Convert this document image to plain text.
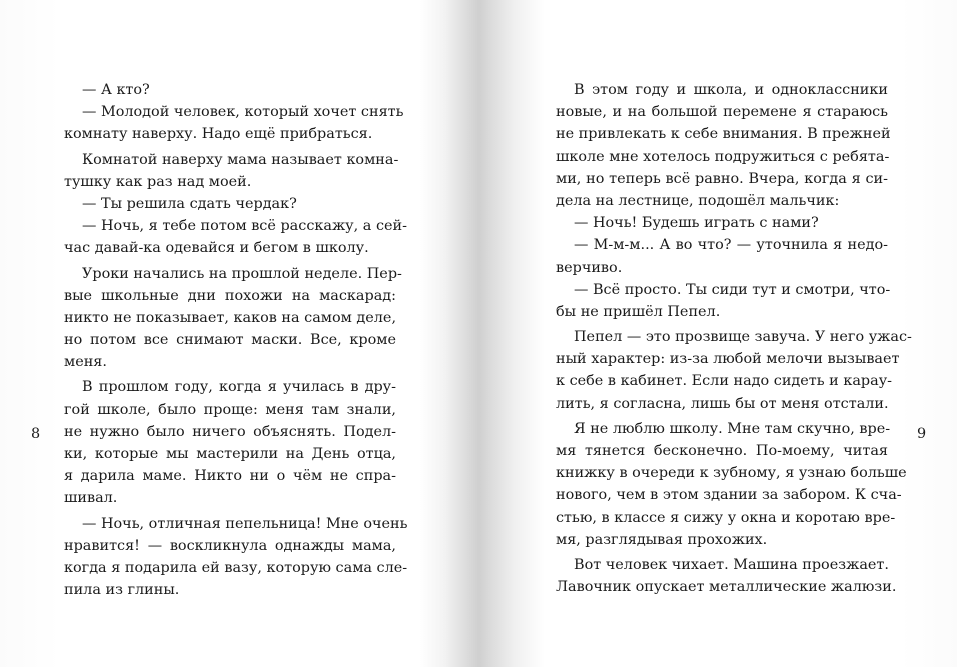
— А кто?
— Молодой человек, который хочет снять
комнату наверху. Надо ещё прибраться.
Комнатой наверху мама называет комна-
тушку как раз над моей.
— Ты решила сдать чердак?
— Ночь, я тебе потом всё расскажу, а сей-
час давай-ка одевайся и бегом в школу.
Уроки начались на прошлой неделе. Пер-
вые школьные дни похожи на маскарад:
никто не показывает, каков на самом деле,
но потом все снимают маски. Все, кроме
меня.
В прошлом году, когда я училась в дру-
гой школе, было проще: меня там знали,
не нужно было ничего объяснять. Подел-
ки, которые мы мастерили на День отца,
я дарила маме. Никто ни о чём не спра-
шивал.
— Ночь, отличная пепельница! Мне очень
нравится! — воскликнула однажды мама,
когда я подарила ей вазу, которую сама сле-
пила из глины.
8
В этом году и школа, и одноклассники
новые, и на большой перемене я стараюсь
не привлекать к себе внимания. В прежней
школе мне хотелось подружиться с ребята-
ми, но теперь всё равно. Вчера, когда я си-
дела на лестнице, подошёл мальчик:
— Ночь! Будешь играть с нами?
— М-м-м... А во что? — уточнила я недо-
верчиво.
— Всё просто. Ты сиди тут и смотри, что-
бы не пришёл Пепел.
Пепел — это прозвище завуча. У него ужас-
ный характер: из-за любой мелочи вызывает
к себе в кабинет. Если надо сидеть и карау-
лить, я согласна, лишь бы от меня отстали.
Я не люблю школу. Мне там скучно, вре-
мя тянется бесконечно. По-моему, читая
книжку в очереди к зубному, я узнаю больше
нового, чем в этом здании за забором. К сча-
стью, в классе я сижу у окна и коротаю вре-
мя, разглядывая прохожих.
Вот человек чихает. Машина проезжает.
Лавочник опускает металлические жалюзи.
9
